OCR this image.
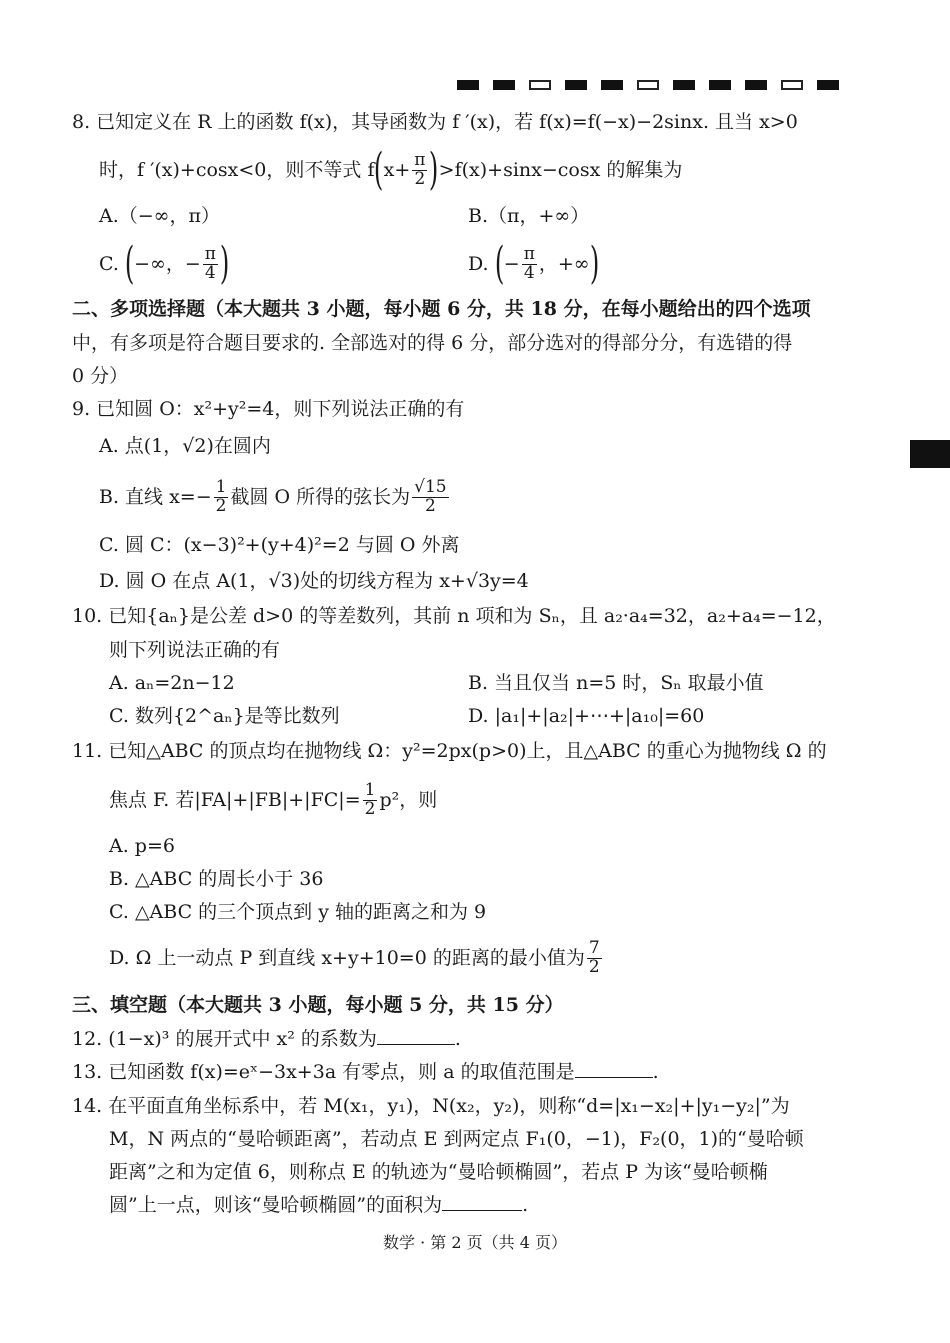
8. 已知定义在 R 上的函数 f(x)，其导函数为 f ′(x)，若 f(x)=f(−x)−2sinx. 且当 x>0
时，f ′(x)+cosx<0，则不等式 f ( $x+ \frac{\pi}{2}$ ) >f(x)+sinx−cosx 的解集为
A.（−∞，π）	B.（π，+∞）
C. ( −∞，− $\frac{\pi}{4}$ )	D. ( − $\frac{\pi}{4}$ ，+∞ )
二、多项选择题（本大题共 3 小题，每小题 6 分，共 18 分，在每小题给出的四个选项
中，有多项是符合题目要求的. 全部选对的得 6 分，部分选对的得部分分，有选错的得
0 分）
9. 已知圆 O：x²+y²=4，则下列说法正确的有
A. 点(1，√2)在圆内
B. 直线 $x=- \frac{1}{2}$ 截圆 O 所得的弦长为 $\frac{√15}{2}$
C. 圆 C：(x−3)²+(y+4)²=2 与圆 O 外离
D. 圆 O 在点 A(1，√3)处的切线方程为 x+√3y=4
10. 已知{aₙ}是公差 d>0 的等差数列，其前 n 项和为 Sₙ，且 a₂·a₄=32，a₂+a₄=−12，
则下列说法正确的有
A. aₙ=2n−12	B. 当且仅当 n=5 时，Sₙ 取最小值
C. 数列{2^aₙ}是等比数列	D. |a₁|+|a₂|+⋯+|a₁₀|=60
11. 已知△ABC 的顶点均在抛物线 Ω：y²=2px(p>0)上，且△ABC 的重心为抛物线 Ω 的
焦点 F. 若$|FA|+|FB|+|FC|= \frac{1}{2} p^2$，则
A. p=6
B. △ABC 的周长小于 36
C. △ABC 的三个顶点到 y 轴的距离之和为 9
D. Ω 上一动点 P 到直线 x+y+10=0 的距离的最小值为 $\frac{7}{2}$
三、填空题（本大题共 3 小题，每小题 5 分，共 15 分）
12. (1−x)³ 的展开式中 x² 的系数为	.
13. 已知函数 f(x)=eˣ−3x+3a 有零点，则 a 的取值范围是	.
14. 在平面直角坐标系中，若 M(x₁，y₁)，N(x₂，y₂)，则称“d=|x₁−x₂|+|y₁−y₂|”为
M，N 两点的“曼哈顿距离”，若动点 E 到两定点 F₁(0，−1)，F₂(0，1)的“曼哈顿
距离”之和为定值 6，则称点 E 的轨迹为“曼哈顿椭圆”，若点 P 为该“曼哈顿椭
圆”上一点，则该“曼哈顿椭圆”的面积为	.
数学 · 第 2 页（共 4 页）
